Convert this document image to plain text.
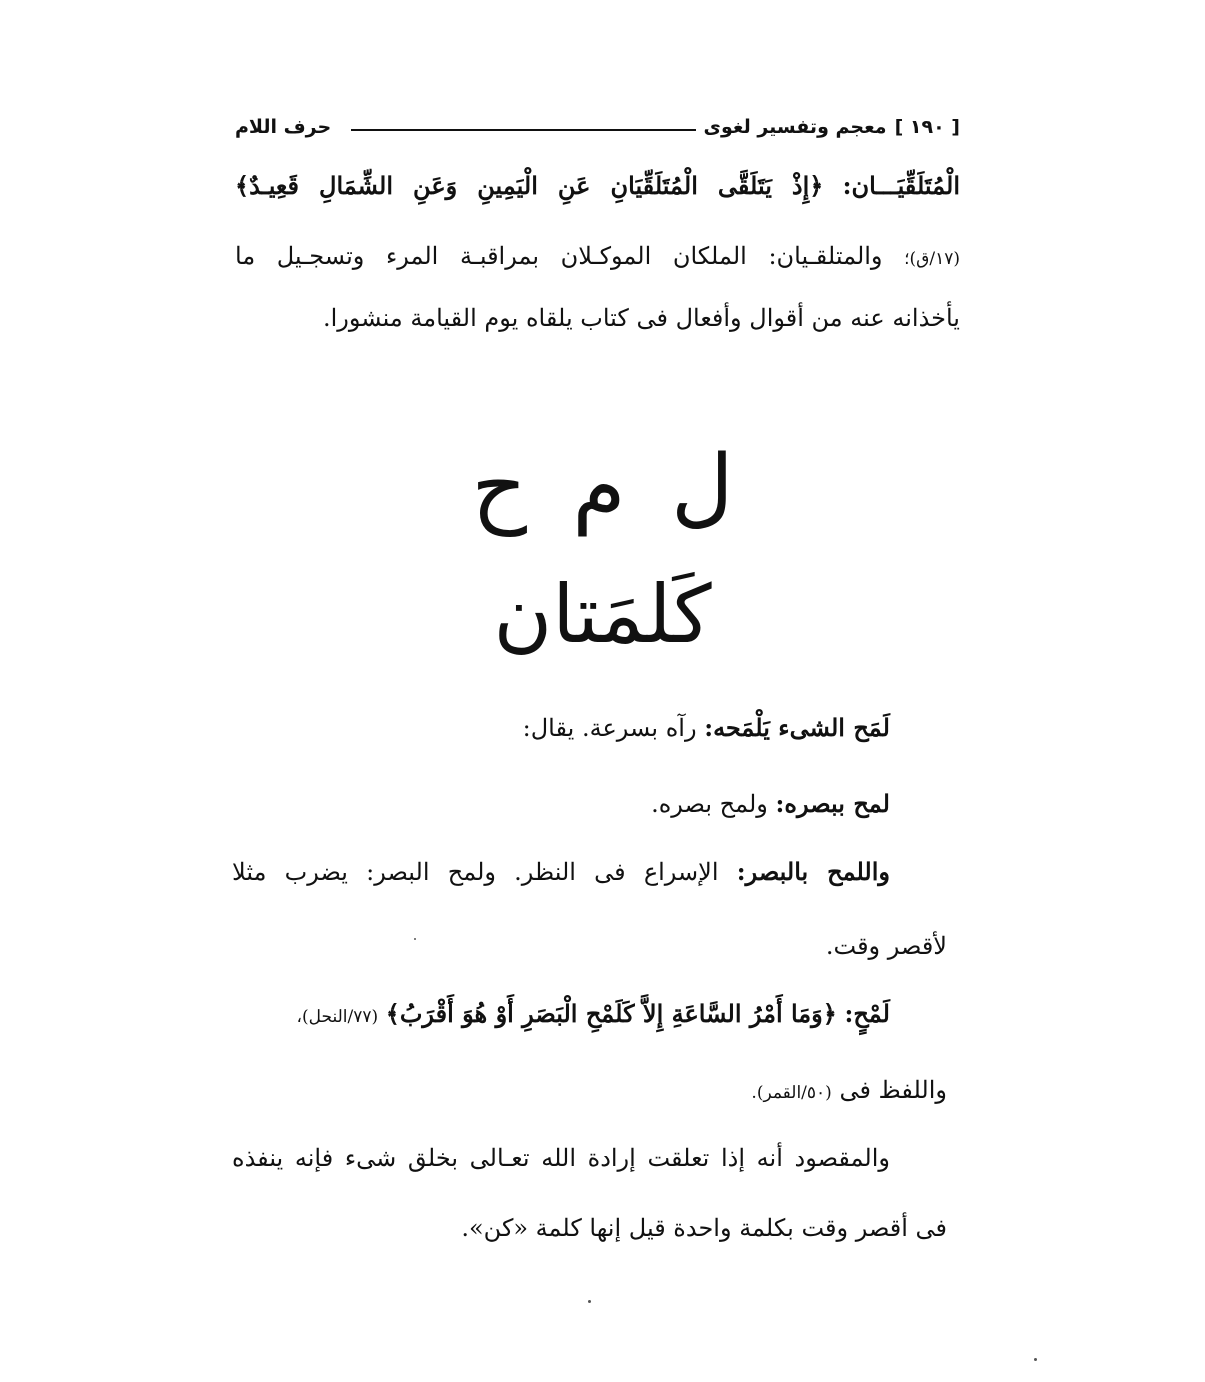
[ ١٩٠ ]
معجم وتفسير لغوى
حرف اللام
الْمُتَلَقِّيَـــان: ﴿إِذْ يَتَلَقَّى الْمُتَلَقِّيَانِ عَنِ الْيَمِينِ وَعَنِ الشِّمَالِ قَعِيـدٌ﴾
(١٧/ق)؛ والمتلقـيان: الملكان الموكـلان بمراقبـة المرء وتسجـيل ما
يأخذانه عنه من أقوال وأفعال فى كتاب يلقاه يوم القيامة منشورا.
ل م ح
كَلمَتان
لَمَح الشىء يَلْمَحه: رآه بسرعة. يقال:
لمح ببصره: ولمح بصره.
واللمح بالبصر: الإسراع فى النظر. ولمح البصر: يضرب مثلا
لأقصر وقت.
لَمْحٍ: ﴿وَمَا أَمْرُ السَّاعَةِ إِلاَّ كَلَمْحِ الْبَصَرِ أَوْ هُوَ أَقْرَبُ﴾ (٧٧/النحل)،
واللفظ فى (٥٠/القمر).
والمقصود أنه إذا تعلقت إرادة الله تعـالى بخلق شىء فإنه ينفذه
فى أقصر وقت بكلمة واحدة قيل إنها كلمة «كن».
